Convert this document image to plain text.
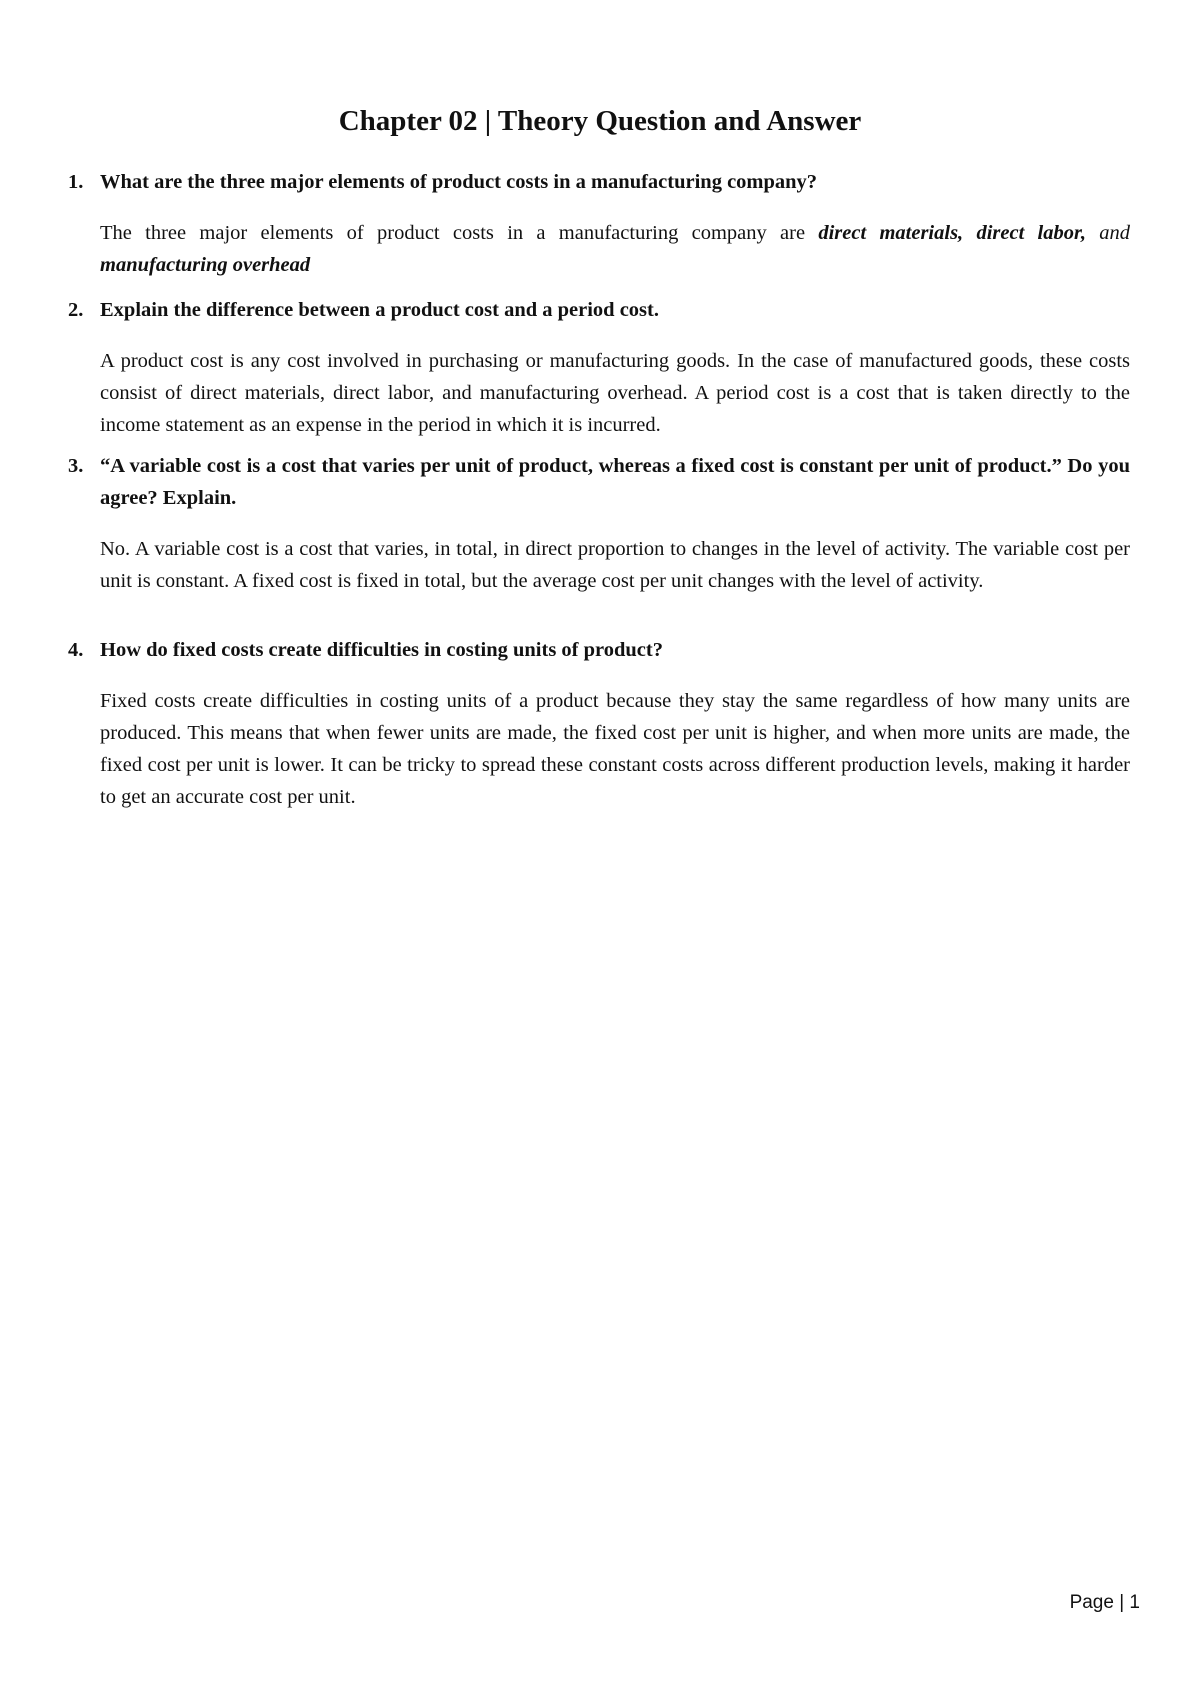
Chapter 02 | Theory Question and Answer
1. What are the three major elements of product costs in a manufacturing company?

The three major elements of product costs in a manufacturing company are direct materials, direct labor, and manufacturing overhead

2. Explain the difference between a product cost and a period cost.

A product cost is any cost involved in purchasing or manufacturing goods. In the case of manufactured goods, these costs consist of direct materials, direct labor, and manufacturing overhead. A period cost is a cost that is taken directly to the income statement as an expense in the period in which it is incurred.

3. “A variable cost is a cost that varies per unit of product, whereas a fixed cost is constant per unit of product.” Do you agree? Explain.

No. A variable cost is a cost that varies, in total, in direct proportion to changes in the level of activity. The variable cost per unit is constant. A fixed cost is fixed in total, but the average cost per unit changes with the level of activity.

4. How do fixed costs create difficulties in costing units of product?

Fixed costs create difficulties in costing units of a product because they stay the same regardless of how many units are produced. This means that when fewer units are made, the fixed cost per unit is higher, and when more units are made, the fixed cost per unit is lower. It can be tricky to spread these constant costs across different production levels, making it harder to get an accurate cost per unit.

Page | 1
